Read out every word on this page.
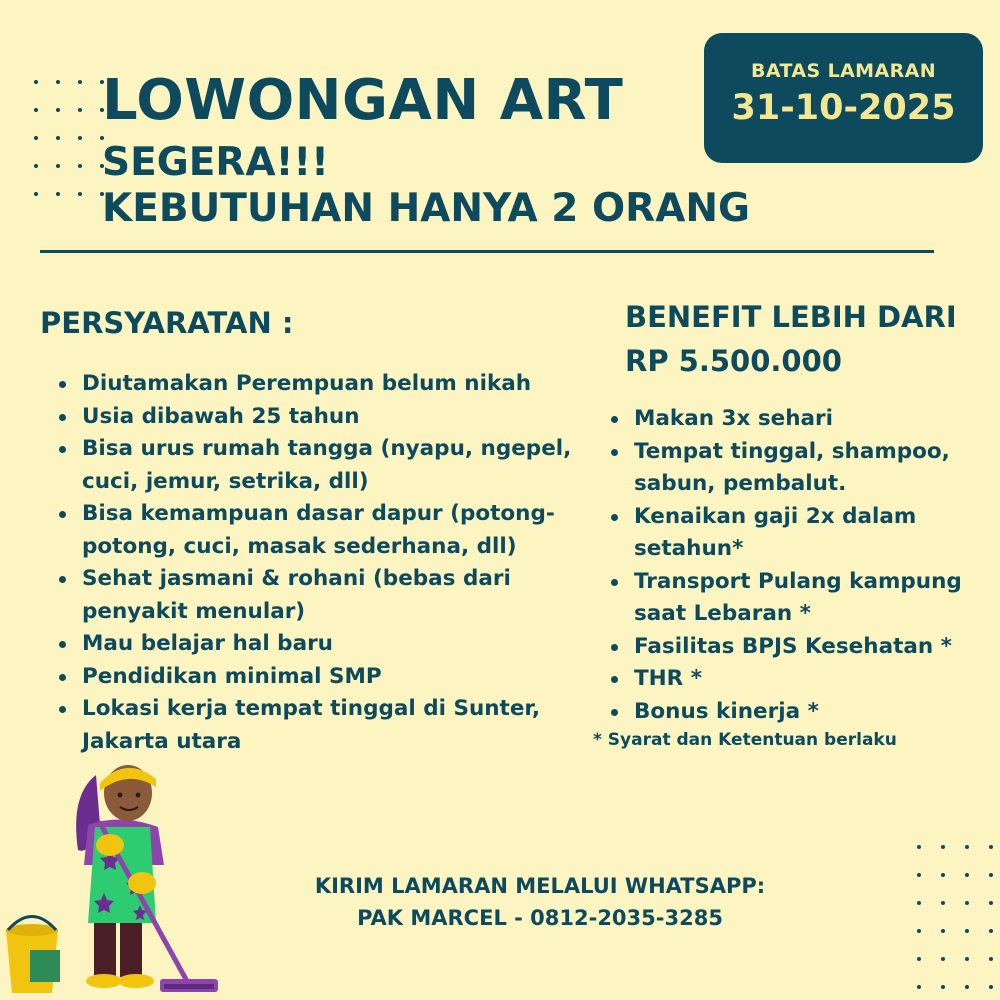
LOWONGAN ART
SEGERA!!!
KEBUTUHAN HANYA 2 ORANG
BATAS LAMARAN
31-10-2025
PERSYARATAN :
Diutamakan Perempuan belum nikah
Usia dibawah 25 tahun
Bisa urus rumah tangga (nyapu, ngepel, cuci, jemur, setrika, dll)
Bisa kemampuan dasar dapur (potong-potong, cuci, masak sederhana, dll)
Sehat jasmani & rohani (bebas dari penyakit menular)
Mau belajar hal baru
Pendidikan minimal SMP
Lokasi kerja tempat tinggal di Sunter, Jakarta utara
BENEFIT LEBIH DARI
RP 5.500.000
Makan 3x sehari
Tempat tinggal, shampoo, sabun, pembalut.
Kenaikan gaji 2x dalam setahun*
Transport Pulang kampung saat Lebaran *
Fasilitas BPJS Kesehatan *
THR *
Bonus kinerja *
* Syarat dan Ketentuan berlaku
KIRIM LAMARAN MELALUI WHATSAPP:
PAK MARCEL - 0812-2035-3285
